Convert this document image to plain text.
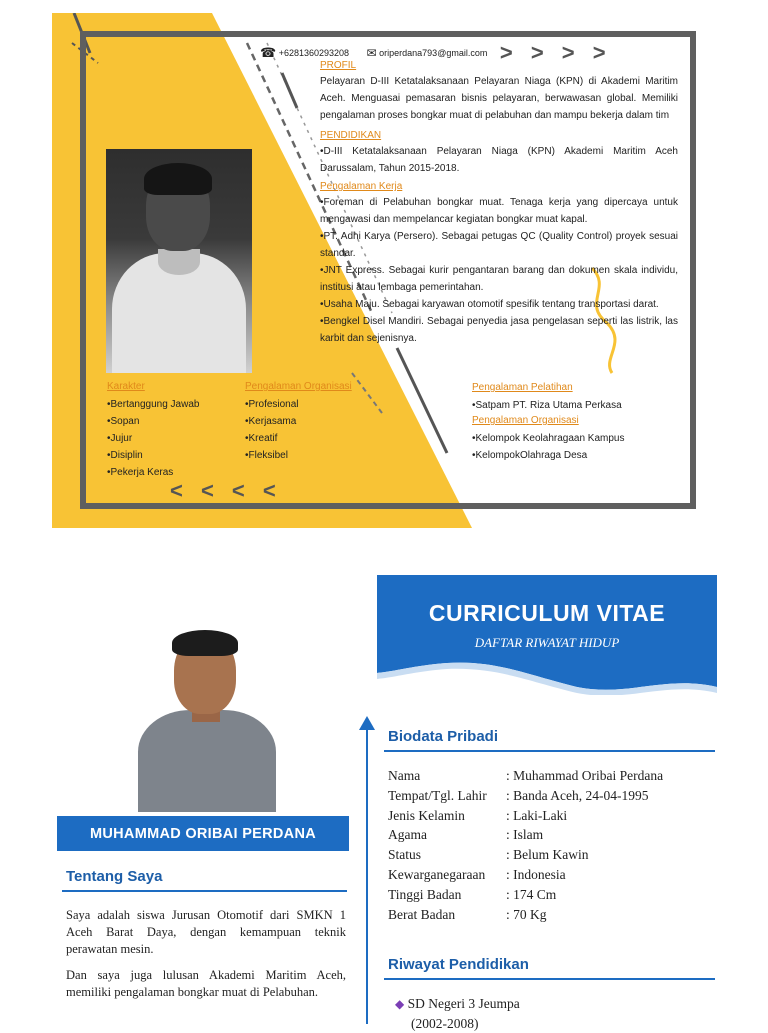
☎ +6281360293208 ✉ oriperdana793@gmail.com > > > >
PROFIL

Pelayaran D-III Ketatalaksanaan Pelayaran Niaga (KPN) di Akademi Maritim Aceh. Menguasai pemasaran bisnis pelayaran, berwawasan global. Memiliki pengalaman proses bongkar muat di pelabuhan dan mampu bekerja dalam tim

PENDIDIKAN

•D-III Ketatalaksanaan Pelayaran Niaga (KPN) Akademi Maritim Aceh Darussalam, Tahun 2015-2018.

Pengalaman Kerja

•Foreman di Pelabuhan bongkar muat. Tenaga kerja yang dipercaya untuk mengawasi dan mempelancar kegiatan bongkar muat kapal.

•PT. Adhi Karya (Persero). Sebagai petugas QC (Quality Control) proyek sesuai standar.

•JNT Express. Sebagai kurir pengantaran barang dan dokumen skala individu, institusi atau lembaga pemerintahan.

•Usaha Maju. Sebagai karyawan otomotif spesifik tentang transportasi darat.

•Bengkel Disel Mandiri. Sebagai penyedia jasa pengelasan seperti las listrik, las karbit dan sejenisnya.

Karakter
•Bertanggung Jawab
•Sopan
•Jujur
•Disiplin
•Pekerja Keras
Pengalaman Organisasi
•Profesional
•Kerjasama
•Kreatif
•Fleksibel
Pengalaman Pelatihan
•Satpam PT. Riza Utama Perkasa
Pengalaman Organisasi
•Kelompok Keolahragaan Kampus
•KelompokOlahraga Desa
< < < <
CURRICULUM VITAE
DAFTAR RIWAYAT HIDUP
MUHAMMAD ORIBAI PERDANA
Tentang Saya
Saya adalah siswa Jurusan Otomotif dari SMKN 1 Aceh Barat Daya, dengan kemampuan teknik perawatan mesin.
Dan saya juga lulusan Akademi Maritim Aceh, memiliki pengalaman bongkar muat di Pelabuhan.
Biodata Pribadi
Nama	: Muhammad Oribai Perdana
Tempat/Tgl. Lahir	: Banda Aceh, 24-04-1995
Jenis Kelamin	: Laki-Laki
Agama	: Islam
Status	: Belum Kawin
Kewarganegaraan	: Indonesia
Tinggi Badan	: 174 Cm
Berat Badan	: 70 Kg
Riwayat Pendidikan
◆ SD Negeri 3 Jeumpa
(2002-2008)
